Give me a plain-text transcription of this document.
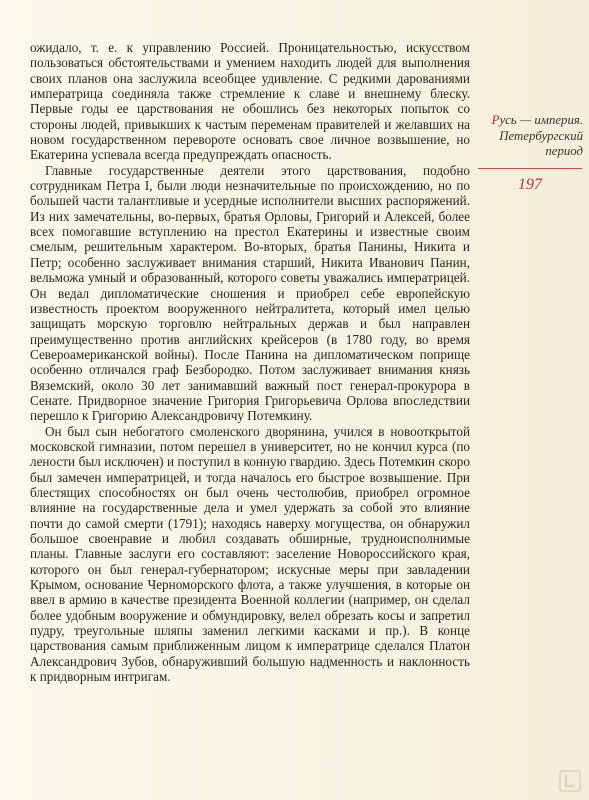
ожидало, т. е. к управлению Россией. Проницательностью, искусством пользоваться обстоятельствами и умением находить людей для выполнения своих планов она заслужила всеобщее удивление. С редкими дарованиями императрица соединяла также стремление к славе и внешнему блеску. Первые годы ее царствования не обошлись без некоторых попыток со стороны людей, привыкших к частым переменам правителей и желавших на новом государственном перевороте основать свое личное возвышение, но Екатерина успевала всегда предупреждать опасность.

Главные государственные деятели этого царствования, подобно сотрудникам Петра I, были люди незначительные по происхождению, но по большей части талантливые и усердные исполнители высших распоряжений. Из них замечательны, во-первых, братья Орловы, Григорий и Алексей, более всех помогавшие вступлению на престол Екатерины и известные своим смелым, решительным характером. Во-вторых, братья Панины, Никита и Петр; особенно заслуживает внимания старший, Никита Иванович Панин, вельможа умный и образованный, которого советы уважались императрицей. Он ведал дипломатические сношения и приобрел себе европейскую известность проектом вооруженного нейтралитета, который имел целью защищать морскую торговлю нейтральных держав и был направлен преимущественно против английских крейсеров (в 1780 году, во время Североамериканской войны). После Панина на дипломатическом поприще особенно отличался граф Безбородко. Потом заслуживает внимания князь Вяземский, около 30 лет занимавший важный пост генерал-прокурора в Сенате. Придворное значение Григория Григорьевича Орлова впоследствии перешло к Григорию Александровичу Потемкину.

Он был сын небогатого смоленского дворянина, учился в новооткрытой московской гимназии, потом перешел в университет, но не кончил курса (по лености был исключен) и поступил в конную гвардию. Здесь Потемкин скоро был замечен императрицей, и тогда началось его быстрое возвышение. При блестящих способностях он был очень честолюбив, приобрел огромное влияние на государственные дела и умел удержать за собой это влияние почти до самой смерти (1791); находясь наверху могущества, он обнаружил большое своенравие и любил создавать обширные, трудноисполнимые планы. Главные заслуги его составляют: заселение Новороссийского края, которого он был генерал-губернатором; искусные меры при завладении Крымом, основание Черноморского флота, а также улучшения, в которые он ввел в армию в качестве президента Военной коллегии (например, он сделал более удобным вооружение и обмундировку, велел обрезать косы и запретил пудру, треугольные шляпы заменил легкими касками и пр.). В конце царствования самым приближенным лицом к императрице сделался Платон Александрович Зубов, обнаруживший большую надменность и наклонность к придворным интригам.

Русь — империя. Петербургский период
197
